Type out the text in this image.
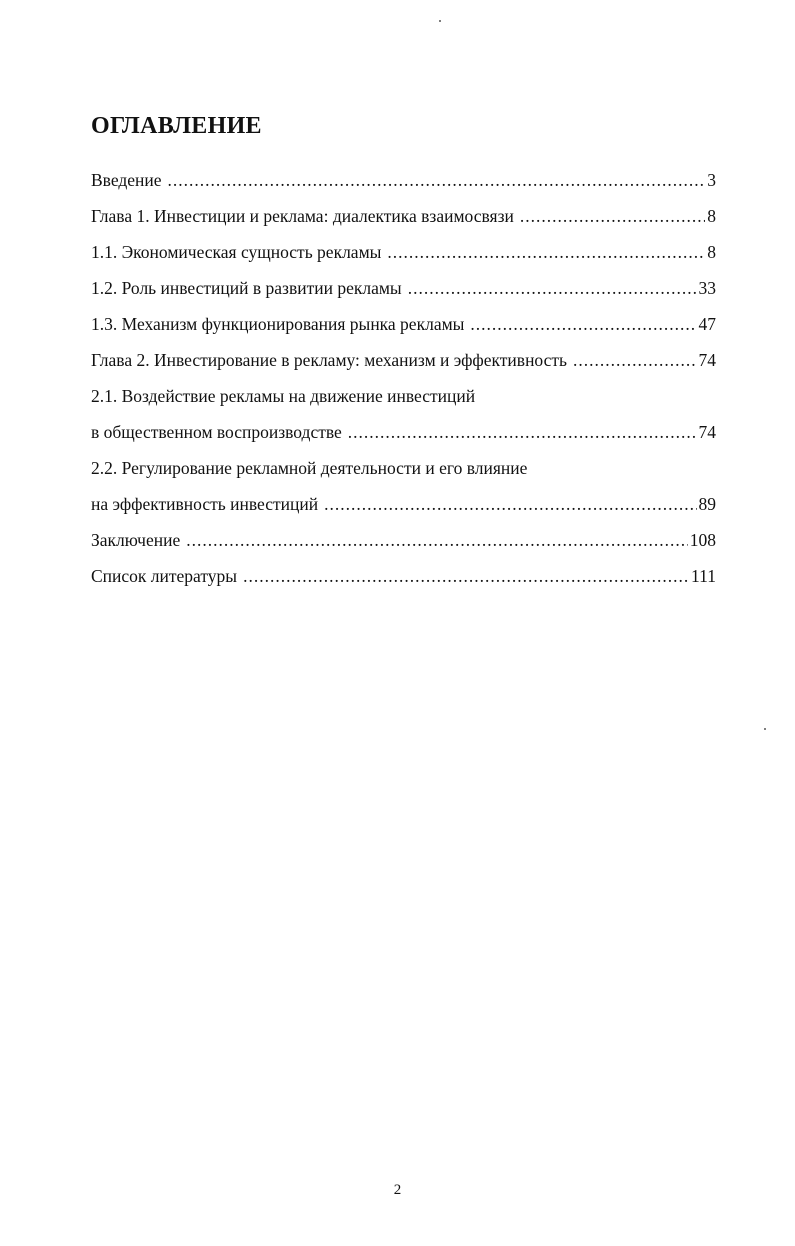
ОГЛАВЛЕНИЕ
Введение .....	3
Глава 1. Инвестиции и реклама: диалектика взаимосвязи .....	8
1.1. Экономическая сущность рекламы .....	8
1.2. Роль инвестиций в развитии рекламы .....	33
1.3. Механизм функционирования рынка рекламы .....	47
Глава 2. Инвестирование в рекламу: механизм и эффективность .....	74
2.1. Воздействие рекламы на движение инвестиций
в общественном воспроизводстве .....	74
2.2. Регулирование рекламной деятельности и его влияние
на эффективность инвестиций .....	89
Заключение .....	108
Список литературы .....	111
2
